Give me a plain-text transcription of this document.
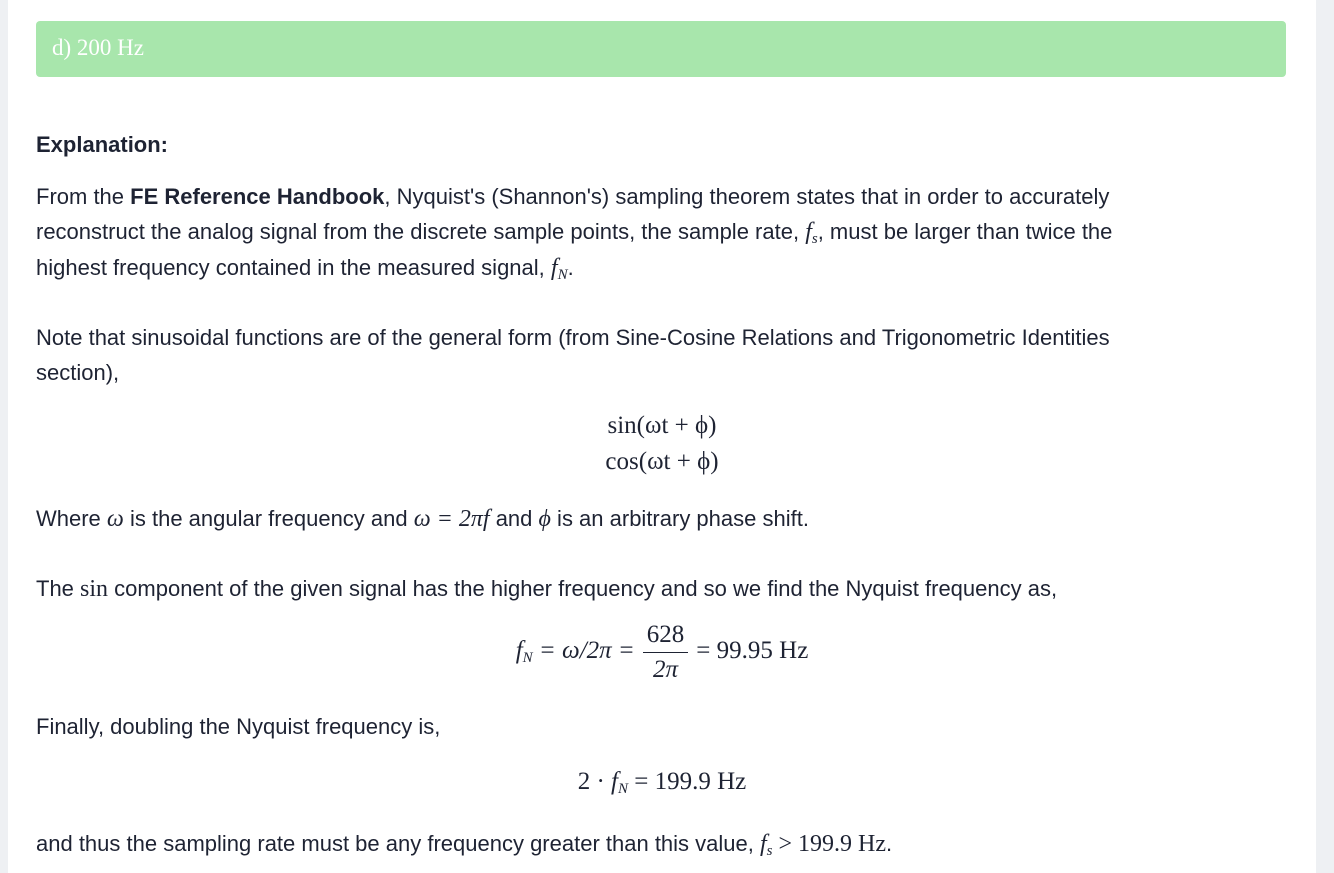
d) 200 Hz
Explanation:
From the FE Reference Handbook, Nyquist's (Shannon's) sampling theorem states that in order to accurately
reconstruct the analog signal from the discrete sample points, the sample rate, $f_s$, must be larger than twice the
highest frequency contained in the measured signal, $f_N$.
Note that sinusoidal functions are of the general form (from Sine-Cosine Relations and Trigonometric Identities
section),
sin(ωt + ϕ)
cos(ωt + ϕ)
Where ω is the angular frequency and ω = 2πf and ϕ is an arbitrary phase shift.
The sin component of the given signal has the higher frequency and so we find the Nyquist frequency as,
$f_N = \omega/2\pi = \frac{628}{2\pi} = 99.95$ Hz
Finally, doubling the Nyquist frequency is,
$2 \cdot f_N = 199.9$ Hz
and thus the sampling rate must be any frequency greater than this value, $f_s > 199.9$ Hz.
